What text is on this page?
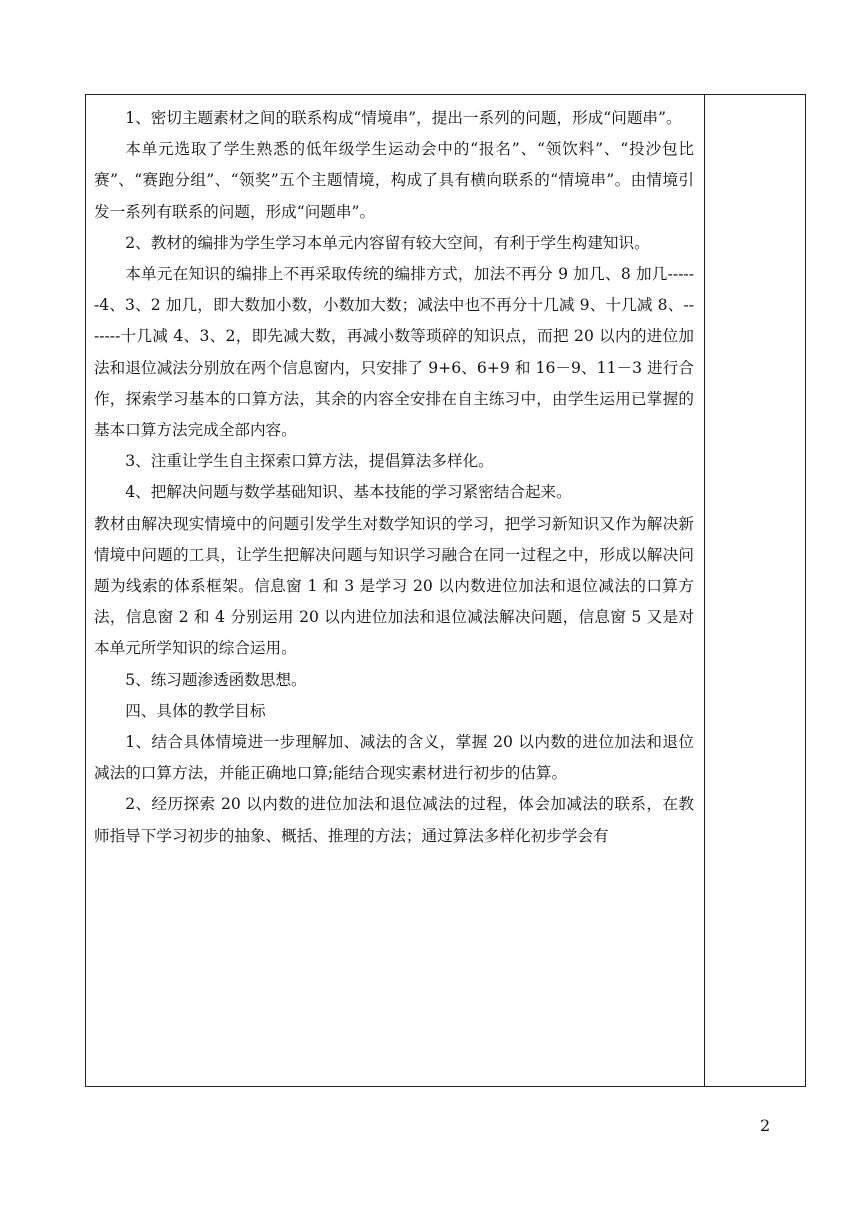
1、密切主题素材之间的联系构成“情境串”，提出一系列的问题，形成“问题串”。

本单元选取了学生熟悉的低年级学生运动会中的“报名”、“领饮料”、“投沙包比赛”、“赛跑分组”、“领奖”五个主题情境，构成了具有横向联系的“情境串”。由情境引发一系列有联系的问题，形成“问题串”。

2、教材的编排为学生学习本单元内容留有较大空间，有利于学生构建知识。

本单元在知识的编排上不再采取传统的编排方式，加法不再分 9 加几、8 加几------4、3、2 加几，即大数加小数，小数加大数；减法中也不再分十几减 9、十几减 8、-------十几减 4、3、2，即先减大数，再减小数等琐碎的知识点，而把 20 以内的进位加法和退位减法分别放在两个信息窗内，只安排了 9+6、6+9 和 16－9、11－3 进行合作，探索学习基本的口算方法，其余的内容全安排在自主练习中，由学生运用已掌握的基本口算方法完成全部内容。

3、注重让学生自主探索口算方法，提倡算法多样化。

4、把解决问题与数学基础知识、基本技能的学习紧密结合起来。

教材由解决现实情境中的问题引发学生对数学知识的学习，把学习新知识又作为解决新情境中问题的工具，让学生把解决问题与知识学习融合在同一过程之中，形成以解决问题为线索的体系框架。信息窗 1 和 3 是学习 20 以内数进位加法和退位减法的口算方法，信息窗 2 和 4 分别运用 20 以内进位加法和退位减法解决问题，信息窗 5 又是对本单元所学知识的综合运用。

5、练习题渗透函数思想。

四、具体的教学目标

1、结合具体情境进一步理解加、减法的含义，掌握 20 以内数的进位加法和退位减法的口算方法，并能正确地口算;能结合现实素材进行初步的估算。

2、经历探索 20 以内数的进位加法和退位减法的过程，体会加减法的联系，在教师指导下学习初步的抽象、概括、推理的方法；通过算法多样化初步学会有

2
